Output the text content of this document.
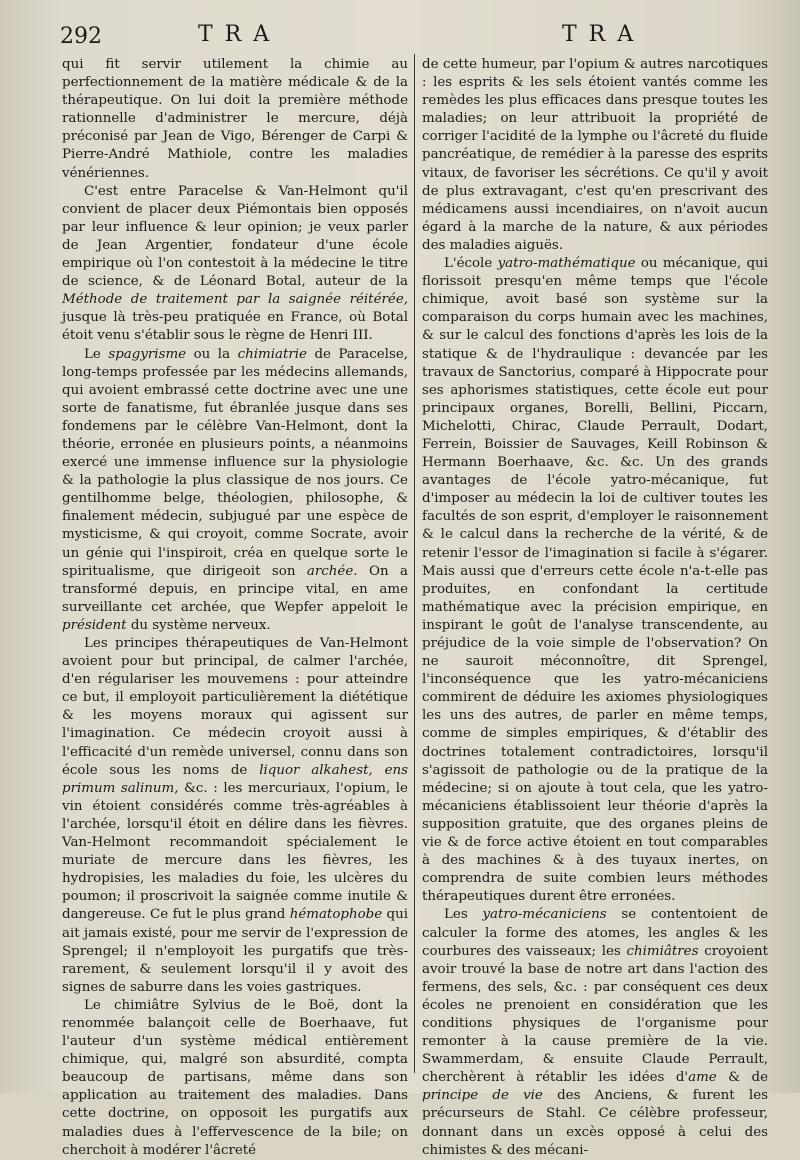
292	TRA	TRA

qui fit servir utilement la chimie au perfectionnement de la matière médicale & de la thérapeutique. On lui doit la première méthode rationnelle d'administrer le mercure, déjà préconisé par Jean de Vigo, Bérenger de Carpi & Pierre-André Mathiole, contre les maladies vénériennes.

C'est entre Paracelse & Van-Helmont qu'il convient de placer deux Piémontais bien opposés par leur influence & leur opinion; je veux parler de Jean Argentier, fondateur d'une école empirique où l'on contestoit à la médecine le titre de science, & de Léonard Botal, auteur de la Méthode de traitement par la saignée réitérée, jusque là très-peu pratiquée en France, où Botal étoit venu s'établir sous le règne de Henri III.

Le spagyrisme ou la chimiatrie de Paracelse, long-temps professée par les médecins allemands, qui avoient embrassé cette doctrine avec une une sorte de fanatisme, fut ébranlée jusque dans ses fondemens par le célèbre Van-Helmont, dont la théorie, erronée en plusieurs points, a néanmoins exercé une immense influence sur la physiologie & la pathologie la plus classique de nos jours. Ce gentilhomme belge, théologien, philosophe, & finalement médecin, subjugué par une espèce de mysticisme, & qui croyoit, comme Socrate, avoir un génie qui l'inspiroit, créa en quelque sorte le spiritualisme, que dirigeoit son archée. On a transformé depuis, en principe vital, en ame surveillante cet archée, que Wepfer appeloit le président du système nerveux.

Les principes thérapeutiques de Van-Helmont avoient pour but principal, de calmer l'archée, d'en régulariser les mouvemens : pour atteindre ce but, il employoit particulièrement la diététique & les moyens moraux qui agissent sur l'imagination. Ce médecin croyoit aussi à l'efficacité d'un remède universel, connu dans son école sous les noms de liquor alkahest, ens primum salinum, &c. : les mercuriaux, l'opium, le vin étoient considérés comme très-agréables à l'archée, lorsqu'il étoit en délire dans les fièvres. Van-Helmont recommandoit spécialement le muriate de mercure dans les fièvres, les hydropisies, les maladies du foie, les ulcères du poumon; il proscrivoit la saignée comme inutile & dangereuse. Ce fut le plus grand hématophobe qui ait jamais existé, pour me servir de l'expression de Sprengel; il n'employoit les purgatifs que très-rarement, & seulement lorsqu'il il y avoit des signes de saburre dans les voies gastriques.

Le chimiâtre Sylvius de le Boë, dont la renommée balançoit celle de Boerhaave, fut l'auteur d'un système médical entièrement chimique, qui, malgré son absurdité, compta beaucoup de partisans, même dans son application au traitement des maladies. Dans cette doctrine, on opposoit les purgatifs aux maladies dues à l'effervescence de la bile; on cherchoit à modérer l'âcreté

de cette humeur, par l'opium & autres narcotiques : les esprits & les sels étoient vantés comme les remèdes les plus efficaces dans presque toutes les maladies; on leur attribuoit la propriété de corriger l'acidité de la lymphe ou l'âcreté du fluide pancréatique, de remédier à la paresse des esprits vitaux, de favoriser les sécrétions. Ce qu'il y avoit de plus extravagant, c'est qu'en prescrivant des médicamens aussi incendiaires, on n'avoit aucun égard à la marche de la nature, & aux périodes des maladies aiguës.

L'école yatro-mathématique ou mécanique, qui florissoit presqu'en même temps que l'école chimique, avoit basé son système sur la comparaison du corps humain avec les machines, & sur le calcul des fonctions d'après les lois de la statique & de l'hydraulique : devancée par les travaux de Sanctorius, comparé à Hippocrate pour ses aphorismes statistiques, cette école eut pour principaux organes, Borelli, Bellini, Piccarn, Michelotti, Chirac, Claude Perrault, Dodart, Ferrein, Boissier de Sauvages, Keill Robinson & Hermann Boerhaave, &c. &c. Un des grands avantages de l'école yatro-mécanique, fut d'imposer au médecin la loi de cultiver toutes les facultés de son esprit, d'employer le raisonnement & le calcul dans la recherche de la vérité, & de retenir l'essor de l'imagination si facile à s'égarer. Mais aussi que d'erreurs cette école n'a-t-elle pas produites, en confondant la certitude mathématique avec la précision empirique, en inspirant le goût de l'analyse transcendente, au préjudice de la voie simple de l'observation? On ne sauroit méconnoître, dit Sprengel, l'inconséquence que les yatro-mécaniciens commirent de déduire les axiomes physiologiques les uns des autres, de parler en même temps, comme de simples empiriques, & d'établir des doctrines totalement contradictoires, lorsqu'il s'agissoit de pathologie ou de la pratique de la médecine; si on ajoute à tout cela, que les yatro-mécaniciens établissoient leur théorie d'après la supposition gratuite, que des organes pleins de vie & de force active étoient en tout comparables à des machines & à des tuyaux inertes, on comprendra de suite combien leurs méthodes thérapeutiques durent être erronées.

Les yatro-mécaniciens se contentoient de calculer la forme des atomes, les angles & les courbures des vaisseaux; les chimiâtres croyoient avoir trouvé la base de notre art dans l'action des fermens, des sels, &c. : par conséquent ces deux écoles ne prenoient en considération que les conditions physiques de l'organisme pour remonter à la cause première de la vie. Swammerdam, & ensuite Claude Perrault, cherchèrent à rétablir les idées d'ame & de principe de vie des Anciens, & furent les précurseurs de Stahl. Ce célèbre professeur, donnant dans un excès opposé à celui des chimistes & des mécani-
